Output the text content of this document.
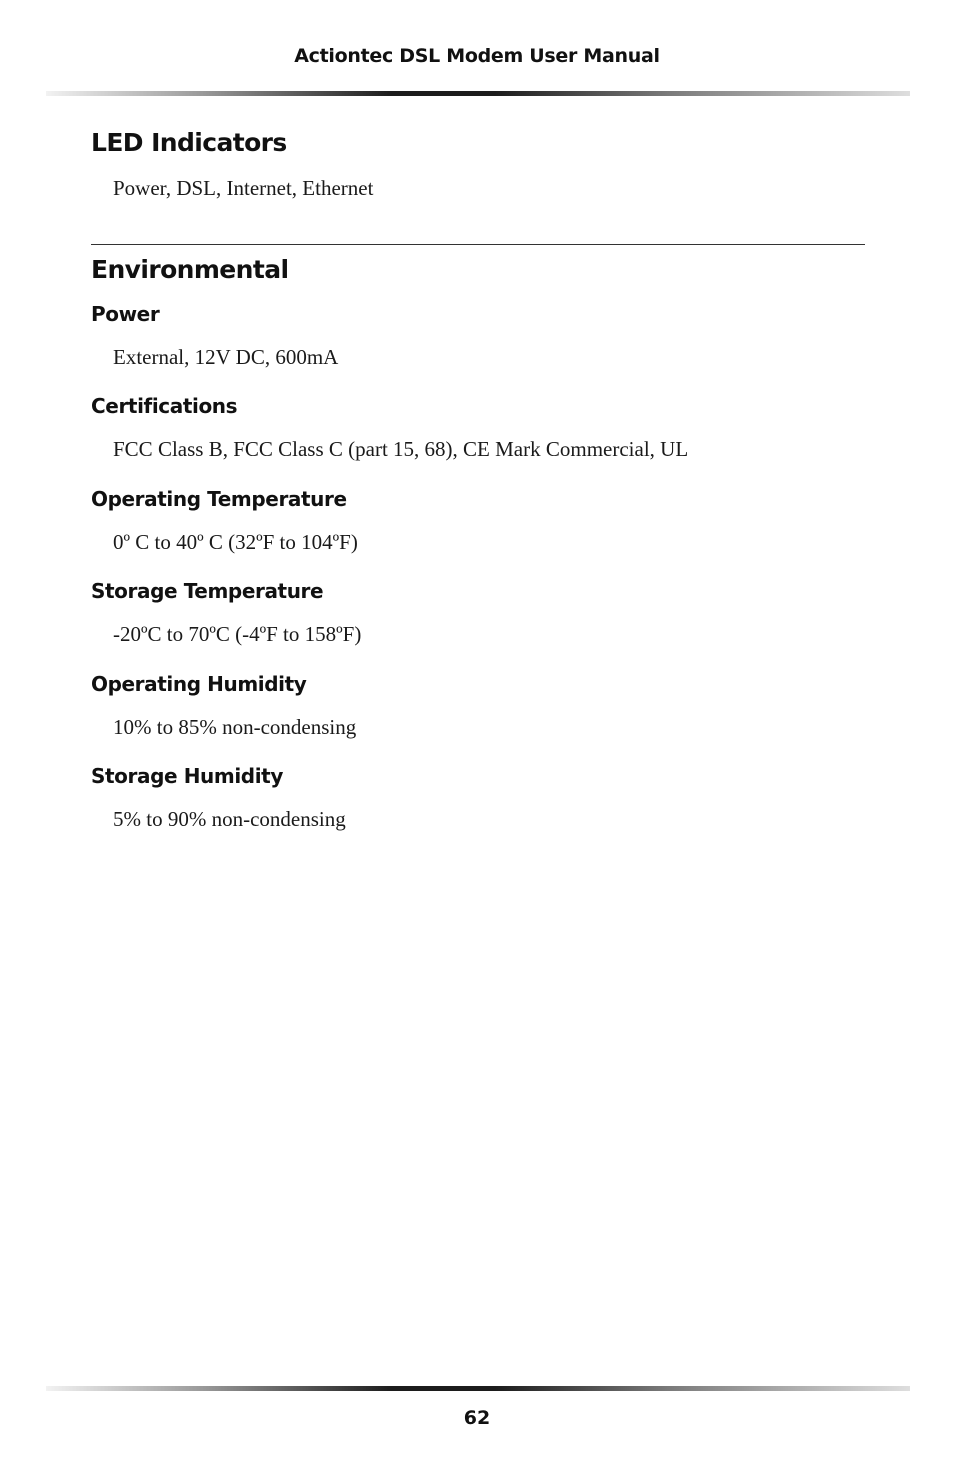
Actiontec DSL Modem User Manual
LED Indicators
Power, DSL, Internet, Ethernet
Environmental
Power
External, 12V DC, 600mA
Certifications
FCC Class B, FCC Class C (part 15, 68), CE Mark Commercial, UL
Operating Temperature
0º C to 40º C (32ºF to 104ºF)
Storage Temperature
-20ºC to 70ºC (-4ºF to 158ºF)
Operating Humidity
10% to 85% non-condensing
Storage Humidity
5% to 90% non-condensing
62
